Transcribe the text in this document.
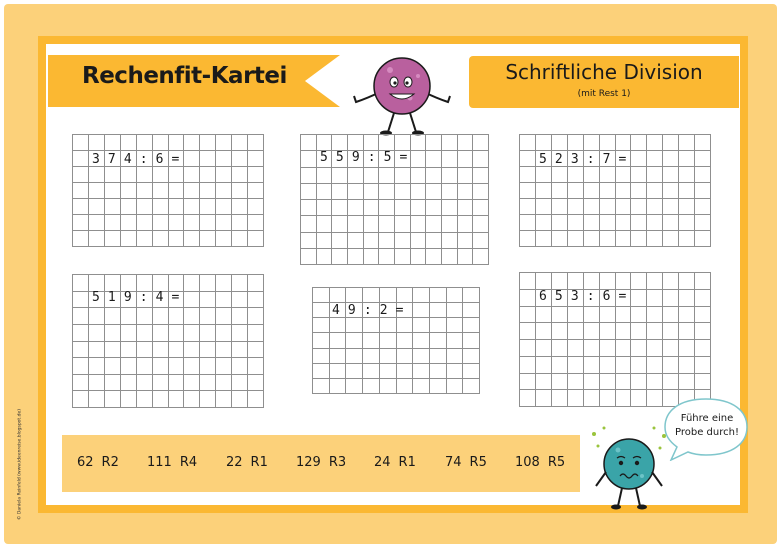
Rechenfit-Kartei	Schriftliche Division
(mit Rest 1)
3 7 4 : 6 =	5 5 9 : 5 =	5 2 3 : 7 =
5 1 9 : 4 =
4 9 : 2 =
6 5 3 : 6 =
62 R2 111 R4 22 R1 129 R3 24 R1 74 R5 108 R5
Führe eine
Probe durch!
© Daniela Reinfeld (www.ideenreise.blogspot.de)
